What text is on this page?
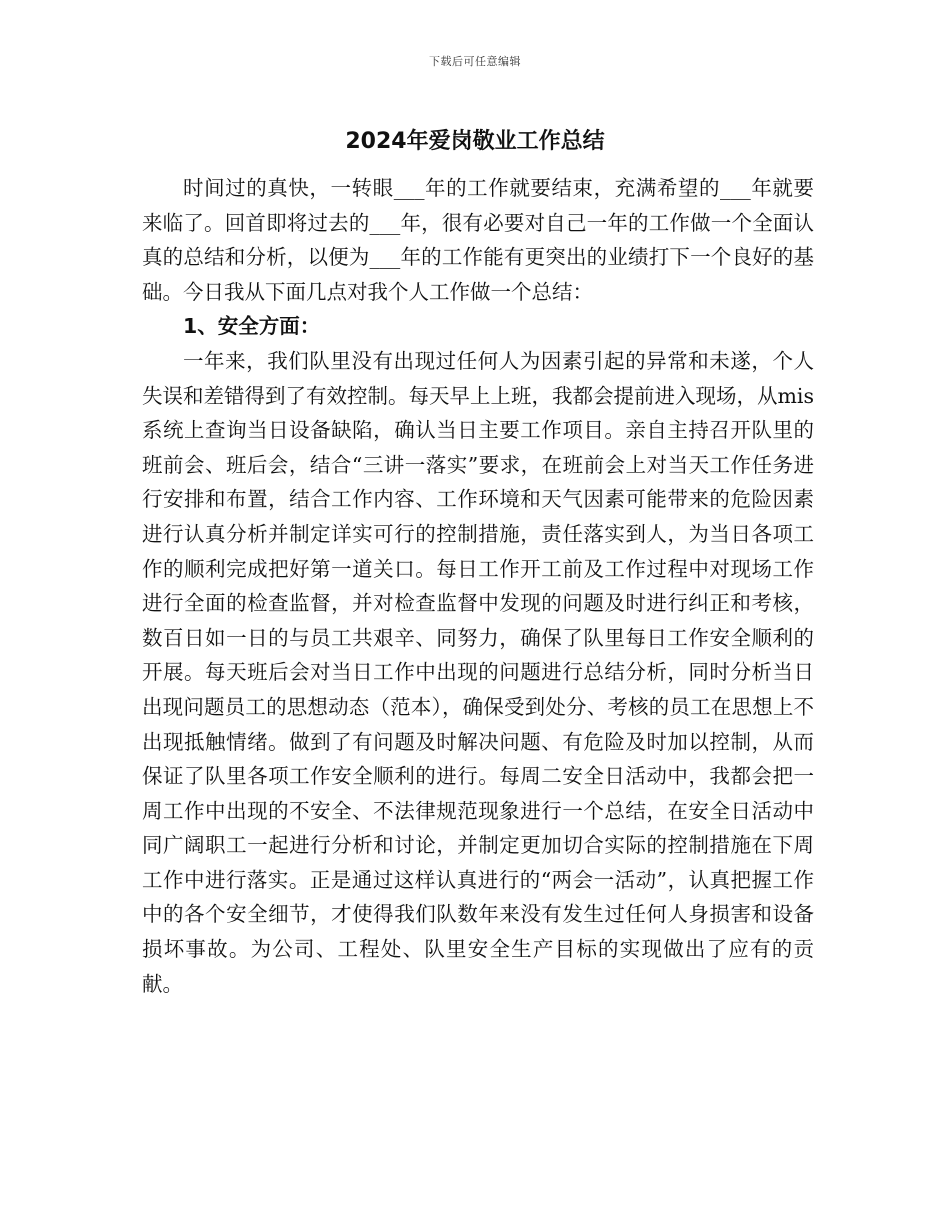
下载后可任意编辑
2024年爱岗敬业工作总结

时间过的真快，一转眼___年的工作就要结束，充满希望的___年就要来临了。回首即将过去的___年，很有必要对自己一年的工作做一个全面认真的总结和分析，以便为___年的工作能有更突出的业绩打下一个良好的基础。今日我从下面几点对我个人工作做一个总结：

1、安全方面：

一年来，我们队里没有出现过任何人为因素引起的异常和未遂，个人失误和差错得到了有效控制。每天早上上班，我都会提前进入现场，从mis系统上查询当日设备缺陷，确认当日主要工作项目。亲自主持召开队里的班前会、班后会，结合“三讲一落实”要求，在班前会上对当天工作任务进行安排和布置，结合工作内容、工作环境和天气因素可能带来的危险因素进行认真分析并制定详实可行的控制措施，责任落实到人，为当日各项工作的顺利完成把好第一道关口。每日工作开工前及工作过程中对现场工作进行全面的检查监督，并对检查监督中发现的问题及时进行纠正和考核，数百日如一日的与员工共艰辛、同努力，确保了队里每日工作安全顺利的开展。每天班后会对当日工作中出现的问题进行总结分析，同时分析当日出现问题员工的思想动态（范本），确保受到处分、考核的员工在思想上不出现抵触情绪。做到了有问题及时解决问题、有危险及时加以控制，从而保证了队里各项工作安全顺利的进行。每周二安全日活动中，我都会把一周工作中出现的不安全、不法律规范现象进行一个总结，在安全日活动中同广阔职工一起进行分析和讨论，并制定更加切合实际的控制措施在下周工作中进行落实。正是通过这样认真进行的“两会一活动”，认真把握工作中的各个安全细节，才使得我们队数年来没有发生过任何人身损害和设备损坏事故。为公司、工程处、队里安全生产目标的实现做出了应有的贡献。
